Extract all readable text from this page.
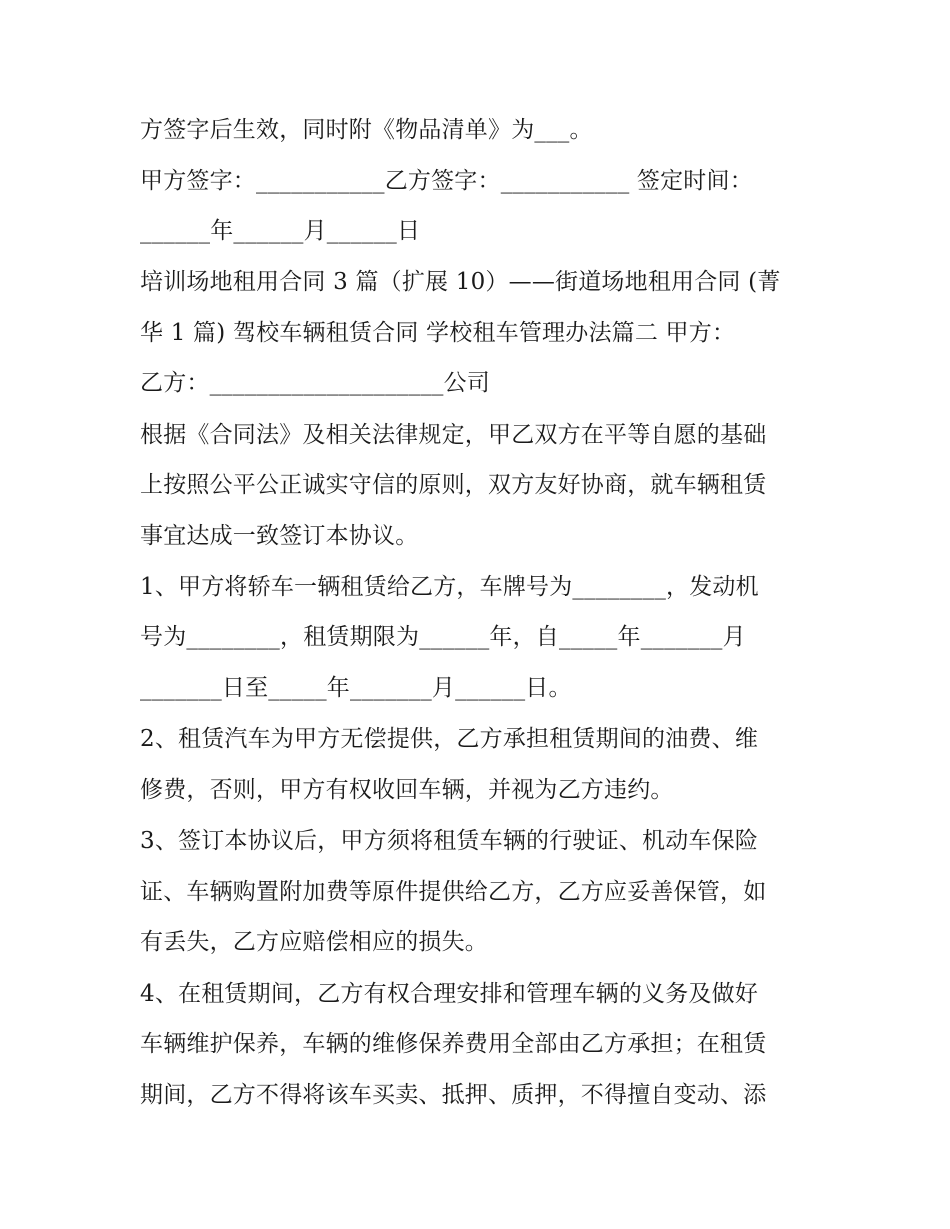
方签字后生效，同时附《物品清单》为___。
甲方签字：___________乙方签字：___________ 签定时间：
______年______月______日
培训场地租用合同 3 篇（扩展 10）——街道场地租用合同 (菁
华 1 篇) 驾校车辆租赁合同 学校租车管理办法篇二 甲方：
乙方：____________________公司
根据《合同法》及相关法律规定，甲乙双方在平等自愿的基础
上按照公平公正诚实守信的原则，双方友好协商，就车辆租赁
事宜达成一致签订本协议。
1、甲方将轿车一辆租赁给乙方，车牌号为________，发动机
号为________，租赁期限为______年，自_____年_______月
_______日至_____年_______月______日。
2、租赁汽车为甲方无偿提供，乙方承担租赁期间的油费、维
修费，否则，甲方有权收回车辆，并视为乙方违约。
3、签订本协议后，甲方须将租赁车辆的行驶证、机动车保险
证、车辆购置附加费等原件提供给乙方，乙方应妥善保管，如
有丢失，乙方应赔偿相应的损失。
4、在租赁期间，乙方有权合理安排和管理车辆的义务及做好
车辆维护保养，车辆的维修保养费用全部由乙方承担；在租赁
期间，乙方不得将该车买卖、抵押、质押，不得擅自变动、添
